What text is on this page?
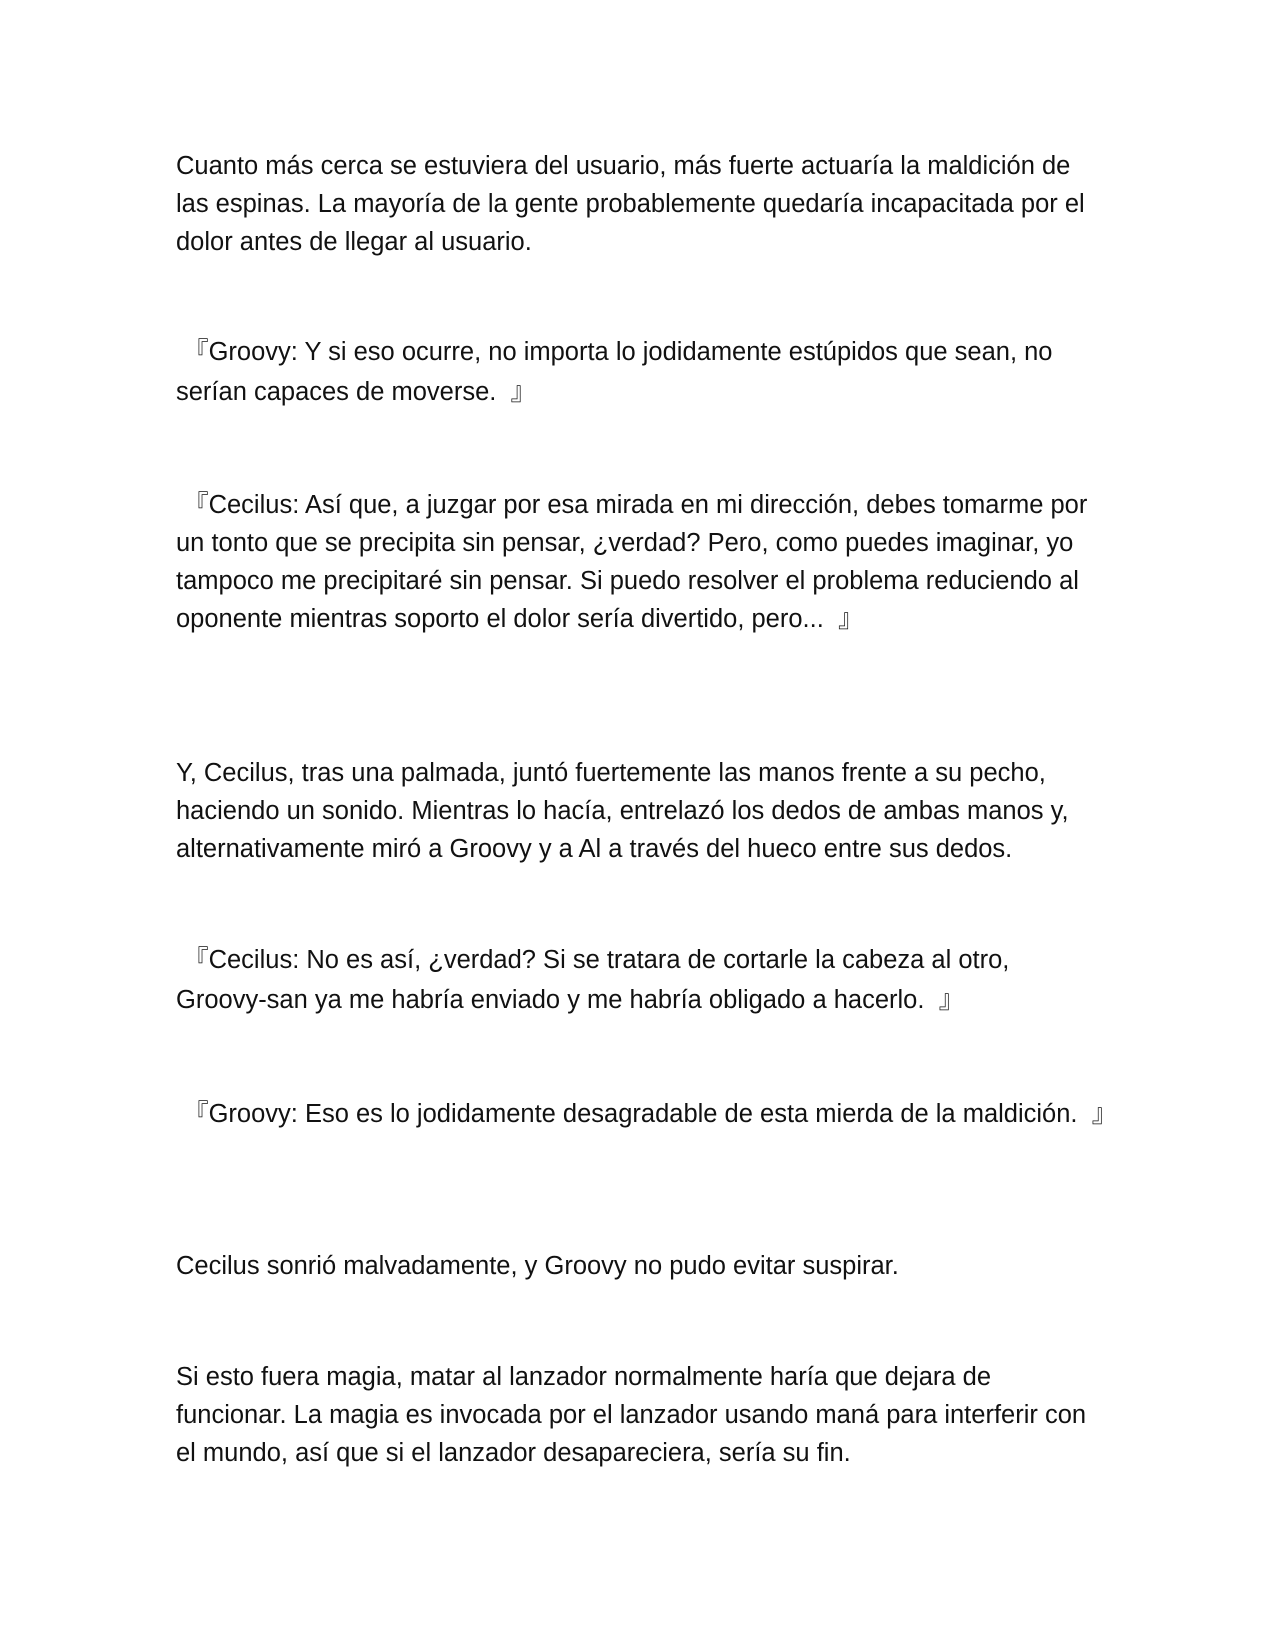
Cuanto más cerca se estuviera del usuario, más fuerte actuaría la maldición de las espinas. La mayoría de la gente probablemente quedaría incapacitada por el dolor antes de llegar al usuario.

『Groovy: Y si eso ocurre, no importa lo jodidamente estúpidos que sean, no serían capaces de moverse.  』

『Cecilus: Así que, a juzgar por esa mirada en mi dirección, debes tomarme por un tonto que se precipita sin pensar, ¿verdad? Pero, como puedes imaginar, yo tampoco me precipitaré sin pensar. Si puedo resolver el problema reduciendo al oponente mientras soporto el dolor sería divertido, pero...  』

Y, Cecilus, tras una palmada, juntó fuertemente las manos frente a su pecho, haciendo un sonido. Mientras lo hacía, entrelazó los dedos de ambas manos y, alternativamente miró a Groovy y a Al a través del hueco entre sus dedos.

『Cecilus: No es así, ¿verdad? Si se tratara de cortarle la cabeza al otro, Groovy-san ya me habría enviado y me habría obligado a hacerlo.  』

『Groovy: Eso es lo jodidamente desagradable de esta mierda de la maldición.  』

Cecilus sonrió malvadamente, y Groovy no pudo evitar suspirar.

Si esto fuera magia, matar al lanzador normalmente haría que dejara de funcionar. La magia es invocada por el lanzador usando maná para interferir con el mundo, así que si el lanzador desapareciera, sería su fin.
